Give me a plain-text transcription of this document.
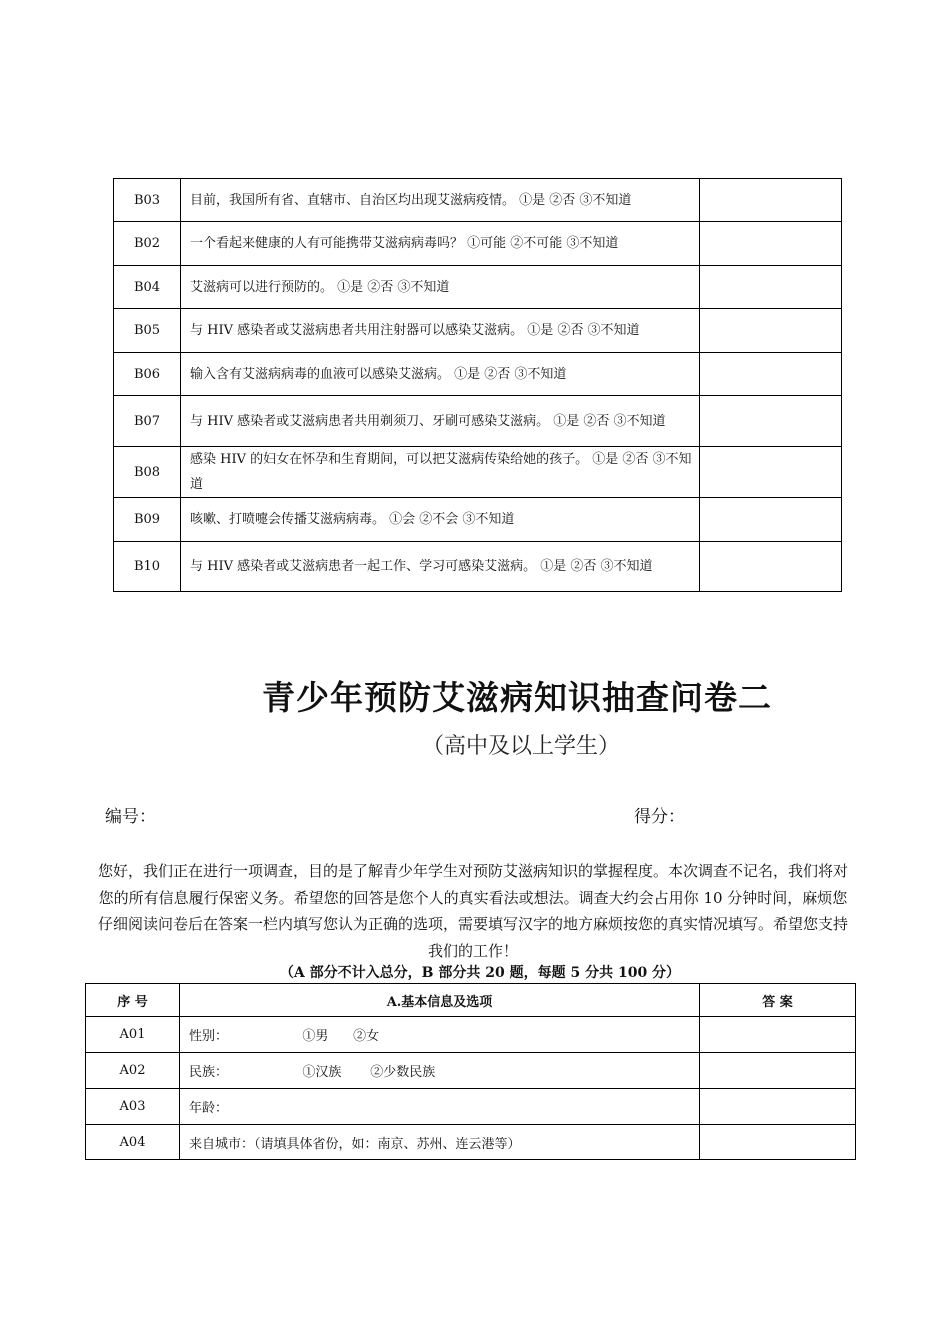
B03	目前，我国所有省、直辖市、自治区均出现艾滋病疫情。 ①是 ②否 ③不知道	
B02	一个看起来健康的人有可能携带艾滋病病毒吗？ ①可能 ②不可能 ③不知道	
B04	艾滋病可以进行预防的。 ①是 ②否 ③不知道	
B05	与 HIV 感染者或艾滋病患者共用注射器可以感染艾滋病。 ①是 ②否 ③不知道	
B06	输入含有艾滋病病毒的血液可以感染艾滋病。 ①是 ②否 ③不知道	
B07	与 HIV 感染者或艾滋病患者共用剃须刀、牙刷可感染艾滋病。 ①是 ②否 ③不知道	
B08	感染 HIV 的妇女在怀孕和生育期间，可以把艾滋病传染给她的孩子。 ①是 ②否 ③不知道	
B09	咳嗽、打喷嚏会传播艾滋病病毒。 ①会 ②不会 ③不知道	
B10	与 HIV 感染者或艾滋病患者一起工作、学习可感染艾滋病。 ①是 ②否 ③不知道	
青少年预防艾滋病知识抽查问卷二
（高中及以上学生）
编号：	得分：
您好，我们正在进行一项调查，目的是了解青少年学生对预防艾滋病知识的掌握程度。本次调查不记名，我们将对您的所有信息履行保密义务。希望您的回答是您个人的真实看法或想法。调查大约会占用你 10 分钟时间，麻烦您仔细阅读问卷后在答案一栏内填写您认为正确的选项，需要填写汉字的地方麻烦按您的真实情况填写。希望您支持我们的工作！
（A 部分不计入总分，B 部分共 20 题，每题 5 分共 100 分）
序 号	A.基本信息及选项	答 案
A01	性别：                  ①男      ②女	
A02	民族：                  ①汉族       ②少数民族	
A03	年龄：	
A04	来自城市：（请填具体省份，如：南京、苏州、连云港等）	
